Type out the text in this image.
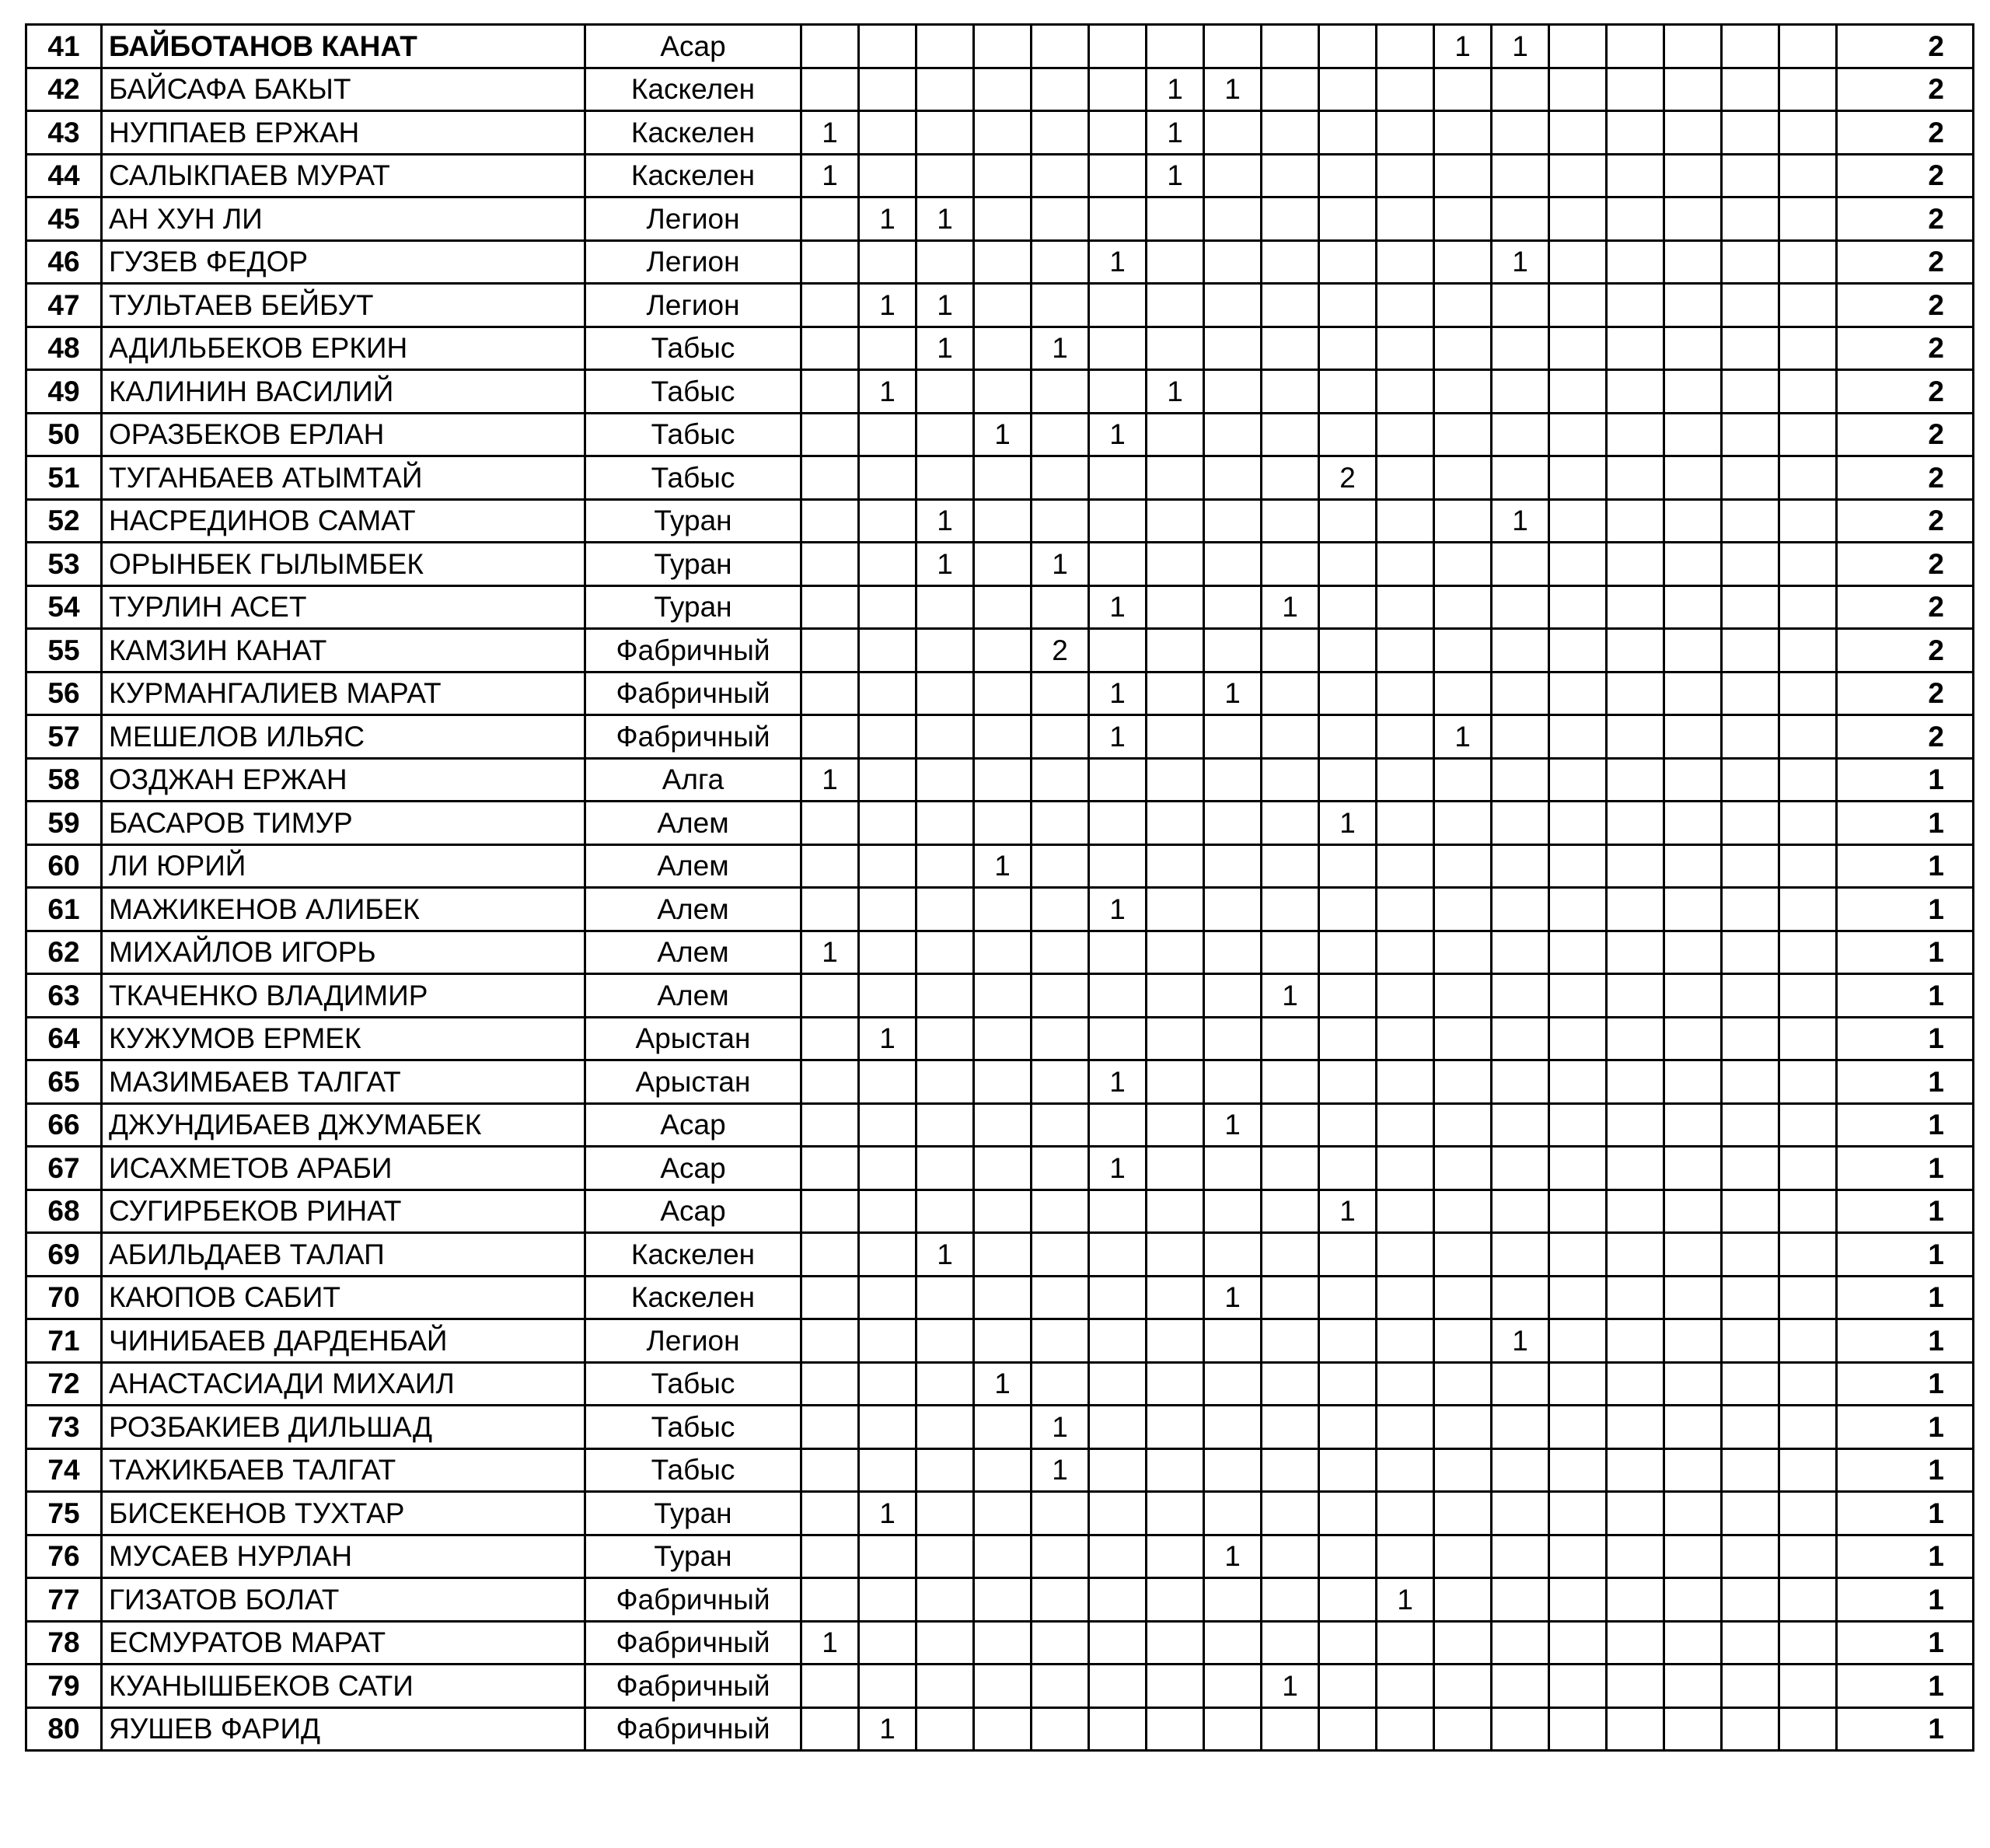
41	БАЙБОТАНОВ КАНАТ	Асар												1	1						2
42	БАЙСАФА БАКЫТ	Каскелен							1	1											2
43	НУППАЕВ ЕРЖАН	Каскелен	1						1												2
44	САЛЫКПАЕВ МУРАТ	Каскелен	1						1												2
45	АН ХУН ЛИ	Легион		1	1																2
46	ГУЗЕВ ФЕДОР	Легион						1							1						2
47	ТУЛЬТАЕВ БЕЙБУТ	Легион		1	1																2
48	АДИЛЬБЕКОВ ЕРКИН	Табыс			1		1														2
49	КАЛИНИН ВАСИЛИЙ	Табыс		1					1												2
50	ОРАЗБЕКОВ ЕРЛАН	Табыс				1		1													2
51	ТУГАНБАЕВ АТЫМТАЙ	Табыс										2									2
52	НАСРЕДИНОВ САМАТ	Туран			1										1						2
53	ОРЫНБЕК ГЫЛЫМБЕК	Туран			1		1														2
54	ТУРЛИН АСЕТ	Туран						1			1										2
55	КАМЗИН КАНАТ	Фабричный					2														2
56	КУРМАНГАЛИЕВ МАРАТ	Фабричный						1		1											2
57	МЕШЕЛОВ ИЛЬЯС	Фабричный						1						1							2
58	ОЗДЖАН ЕРЖАН	Алга	1																		1
59	БАСАРОВ ТИМУР	Алем										1									1
60	ЛИ ЮРИЙ	Алем				1															1
61	МАЖИКЕНОВ АЛИБЕК	Алем						1													1
62	МИХАЙЛОВ ИГОРЬ	Алем	1																		1
63	ТКАЧЕНКО ВЛАДИМИР	Алем									1										1
64	КУЖУМОВ ЕРМЕК	Арыстан		1																	1
65	МАЗИМБАЕВ ТАЛГАТ	Арыстан						1													1
66	ДЖУНДИБАЕВ ДЖУМАБЕК	Асар								1											1
67	ИСАХМЕТОВ АРАБИ	Асар						1													1
68	СУГИРБЕКОВ РИНАТ	Асар										1									1
69	АБИЛЬДАЕВ ТАЛАП	Каскелен			1																1
70	КАЮПОВ САБИТ	Каскелен								1											1
71	ЧИНИБАЕВ ДАРДЕНБАЙ	Легион													1						1
72	АНАСТАСИАДИ МИХАИЛ	Табыс				1															1
73	РОЗБАКИЕВ ДИЛЬШАД	Табыс					1														1
74	ТАЖИКБАЕВ ТАЛГАТ	Табыс					1														1
75	БИСЕКЕНОВ ТУХТАР	Туран		1																	1
76	МУСАЕВ НУРЛАН	Туран								1											1
77	ГИЗАТОВ БОЛАТ	Фабричный											1								1
78	ЕСМУРАТОВ МАРАТ	Фабричный	1																		1
79	КУАНЫШБЕКОВ САТИ	Фабричный									1										1
80	ЯУШЕВ ФАРИД	Фабричный		1																	1
